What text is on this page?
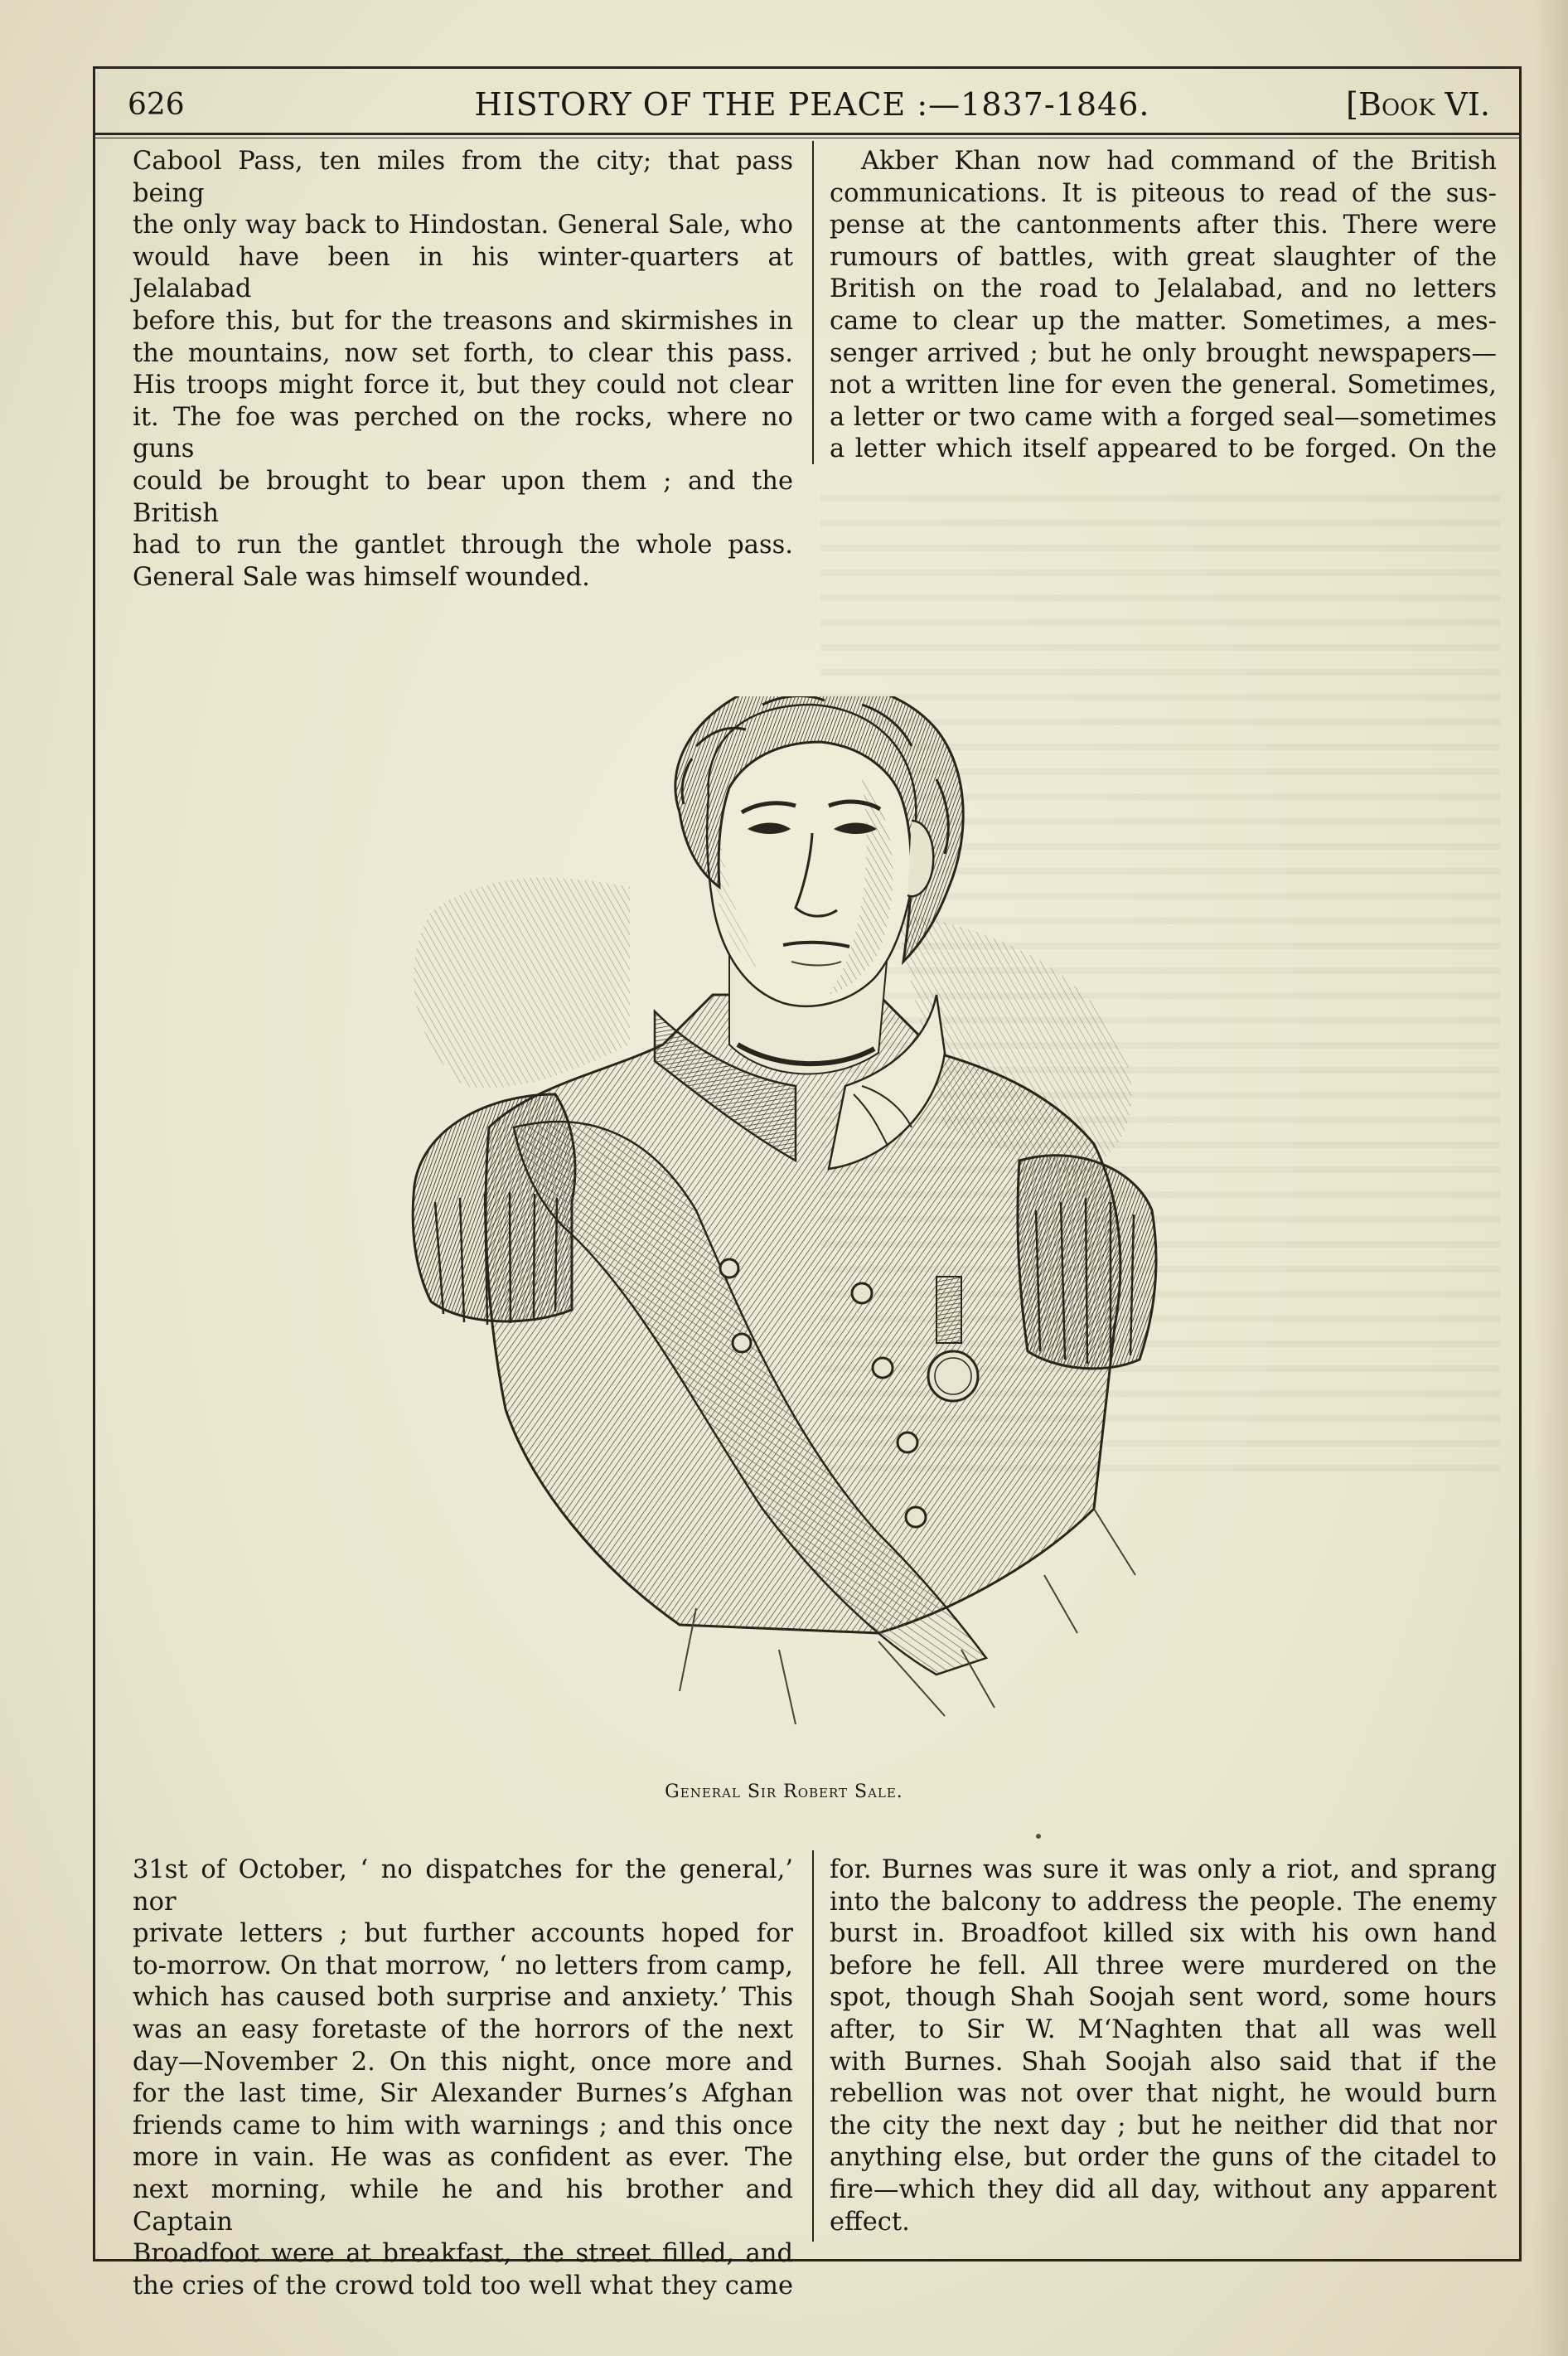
626	HISTORY OF THE PEACE :—1837-1846.	[Book VI.

Cabool Pass, ten miles from the city; that pass being

the only way back to Hindostan. General Sale, who

would have been in his winter-quarters at Jelalabad

before this, but for the treasons and skirmishes in

the mountains, now set forth, to clear this pass.

His troops might force it, but they could not clear

it. The foe was perched on the rocks, where no guns

could be brought to bear upon them ; and the British

had to run the gantlet through the whole pass.

General Sale was himself wounded.

Akber Khan now had command of the British

communications. It is piteous to read of the sus-

pense at the cantonments after this. There were

rumours of battles, with great slaughter of the

British on the road to Jelalabad, and no letters

came to clear up the matter. Sometimes, a mes-

senger arrived ; but he only brought newspapers—

not a written line for even the general. Sometimes,

a letter or two came with a forged seal—sometimes

a letter which itself appeared to be forged. On the

General Sir Robert Sale.

31st of October, ‘ no dispatches for the general,’ nor

private letters ; but further accounts hoped for

to-morrow. On that morrow, ‘ no letters from camp,

which has caused both surprise and anxiety.’ This

was an easy foretaste of the horrors of the next

day—November 2. On this night, once more and

for the last time, Sir Alexander Burnes’s Afghan

friends came to him with warnings ; and this once

more in vain. He was as confident as ever. The

next morning, while he and his brother and Captain

Broadfoot were at breakfast, the street filled, and

the cries of the crowd told too well what they came

for. Burnes was sure it was only a riot, and sprang

into the balcony to address the people. The enemy

burst in. Broadfoot killed six with his own hand

before he fell. All three were murdered on the

spot, though Shah Soojah sent word, some hours

after, to Sir W. M‘Naghten that all was well

with Burnes. Shah Soojah also said that if the

rebellion was not over that night, he would burn

the city the next day ; but he neither did that nor

anything else, but order the guns of the citadel to

fire—which they did all day, without any apparent

effect.
